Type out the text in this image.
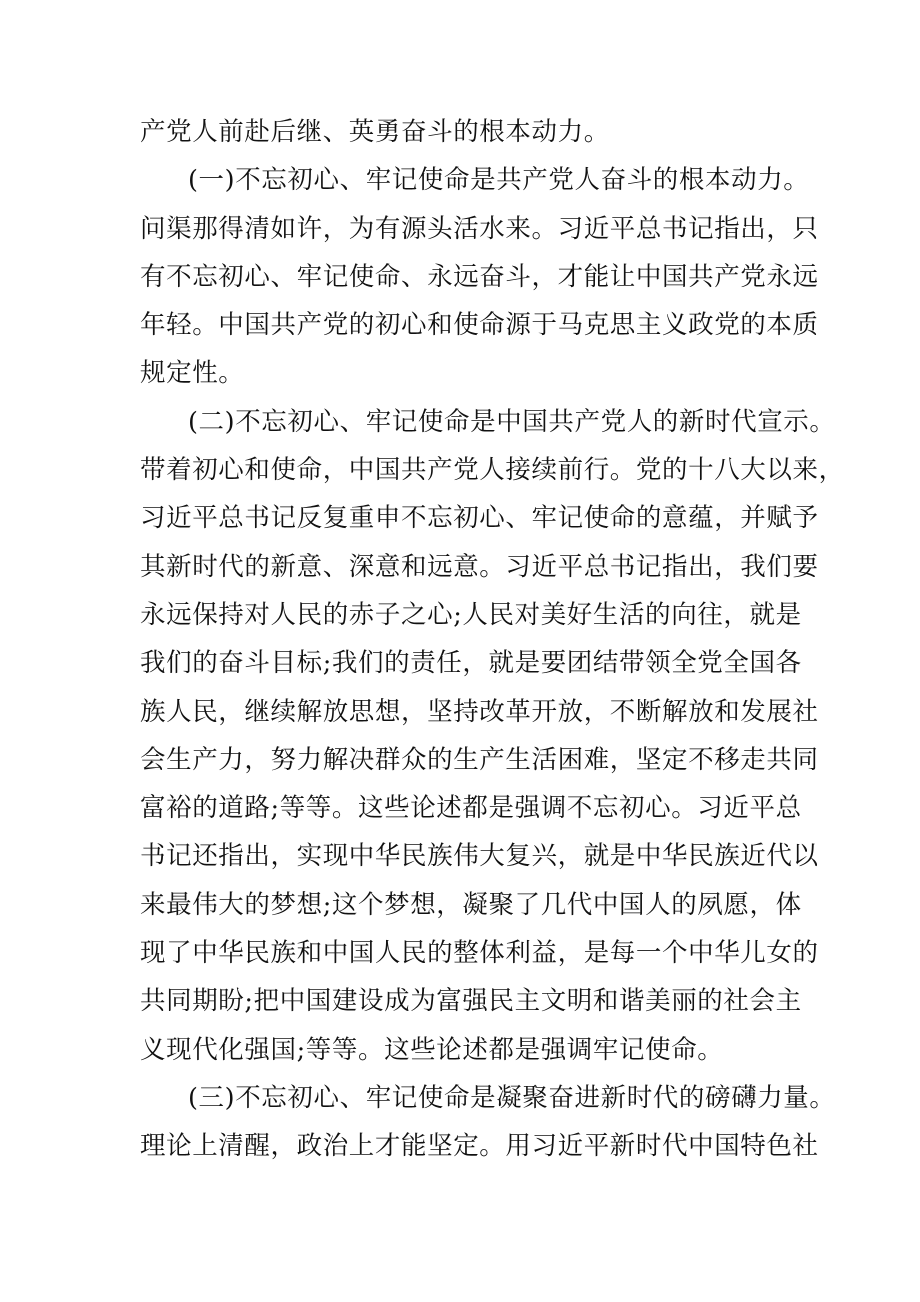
产党人前赴后继、英勇奋斗的根本动力。
(一)不忘初心、牢记使命是共产党人奋斗的根本动力。
问渠那得清如许，为有源头活水来。习近平总书记指出，只
有不忘初心、牢记使命、永远奋斗，才能让中国共产党永远
年轻。中国共产党的初心和使命源于马克思主义政党的本质
规定性。
(二)不忘初心、牢记使命是中国共产党人的新时代宣示。
带着初心和使命，中国共产党人接续前行。党的十八大以来，
习近平总书记反复重申不忘初心、牢记使命的意蕴，并赋予
其新时代的新意、深意和远意。习近平总书记指出，我们要
永远保持对人民的赤子之心;人民对美好生活的向往，就是
我们的奋斗目标;我们的责任，就是要团结带领全党全国各
族人民，继续解放思想，坚持改革开放，不断解放和发展社
会生产力，努力解决群众的生产生活困难，坚定不移走共同
富裕的道路;等等。这些论述都是强调不忘初心。习近平总
书记还指出，实现中华民族伟大复兴，就是中华民族近代以
来最伟大的梦想;这个梦想，凝聚了几代中国人的夙愿，体
现了中华民族和中国人民的整体利益，是每一个中华儿女的
共同期盼;把中国建设成为富强民主文明和谐美丽的社会主
义现代化强国;等等。这些论述都是强调牢记使命。
(三)不忘初心、牢记使命是凝聚奋进新时代的磅礴力量。
理论上清醒，政治上才能坚定。用习近平新时代中国特色社
